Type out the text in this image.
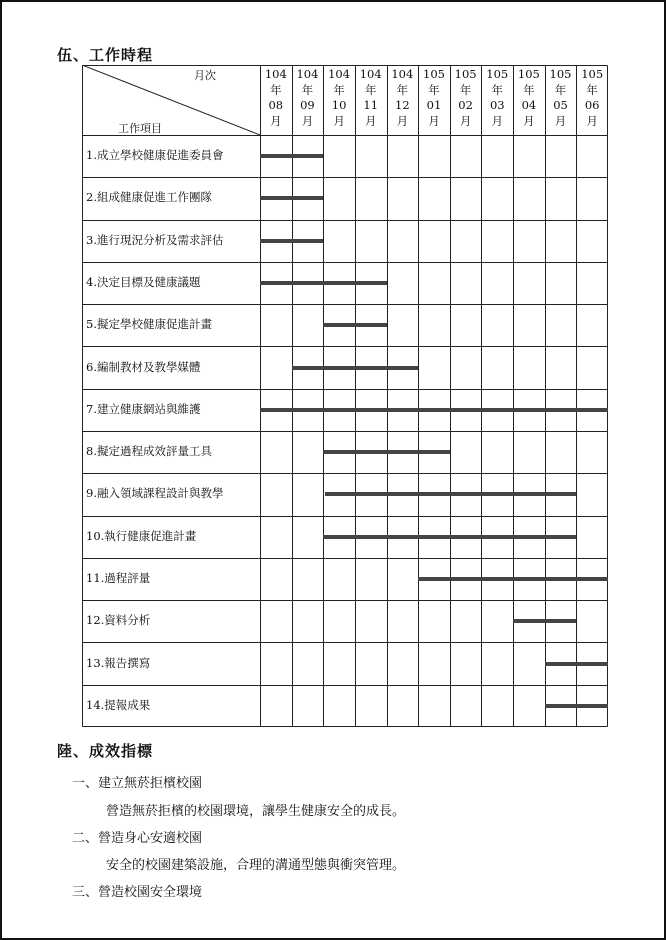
伍、工作時程
月次
工作項目
104
年
08
月
104
年
09
月
104
年
10
月
104
年
11
月
104
年
12
月
105
年
01
月
105
年
02
月
105
年
03
月
105
年
04
月
105
年
05
月
105
年
06
月
1.成立學校健康促進委員會
2.組成健康促進工作團隊
3.進行現況分析及需求評估
4.決定目標及健康議題
5.擬定學校健康促進計畫
6.編制教材及教學媒體
7.建立健康網站與維護
8.擬定過程成效評量工具
9.融入領域課程設計與教學
10.執行健康促進計畫
11.過程評量
12.資料分析
13.報告撰寫
14.提報成果
陸、成效指標
一、建立無菸拒檳校園
營造無菸拒檳的校園環境，讓學生健康安全的成長。
二、營造身心安適校園
安全的校園建築設施，合理的溝通型態與衝突管理。
三、營造校園安全環境
